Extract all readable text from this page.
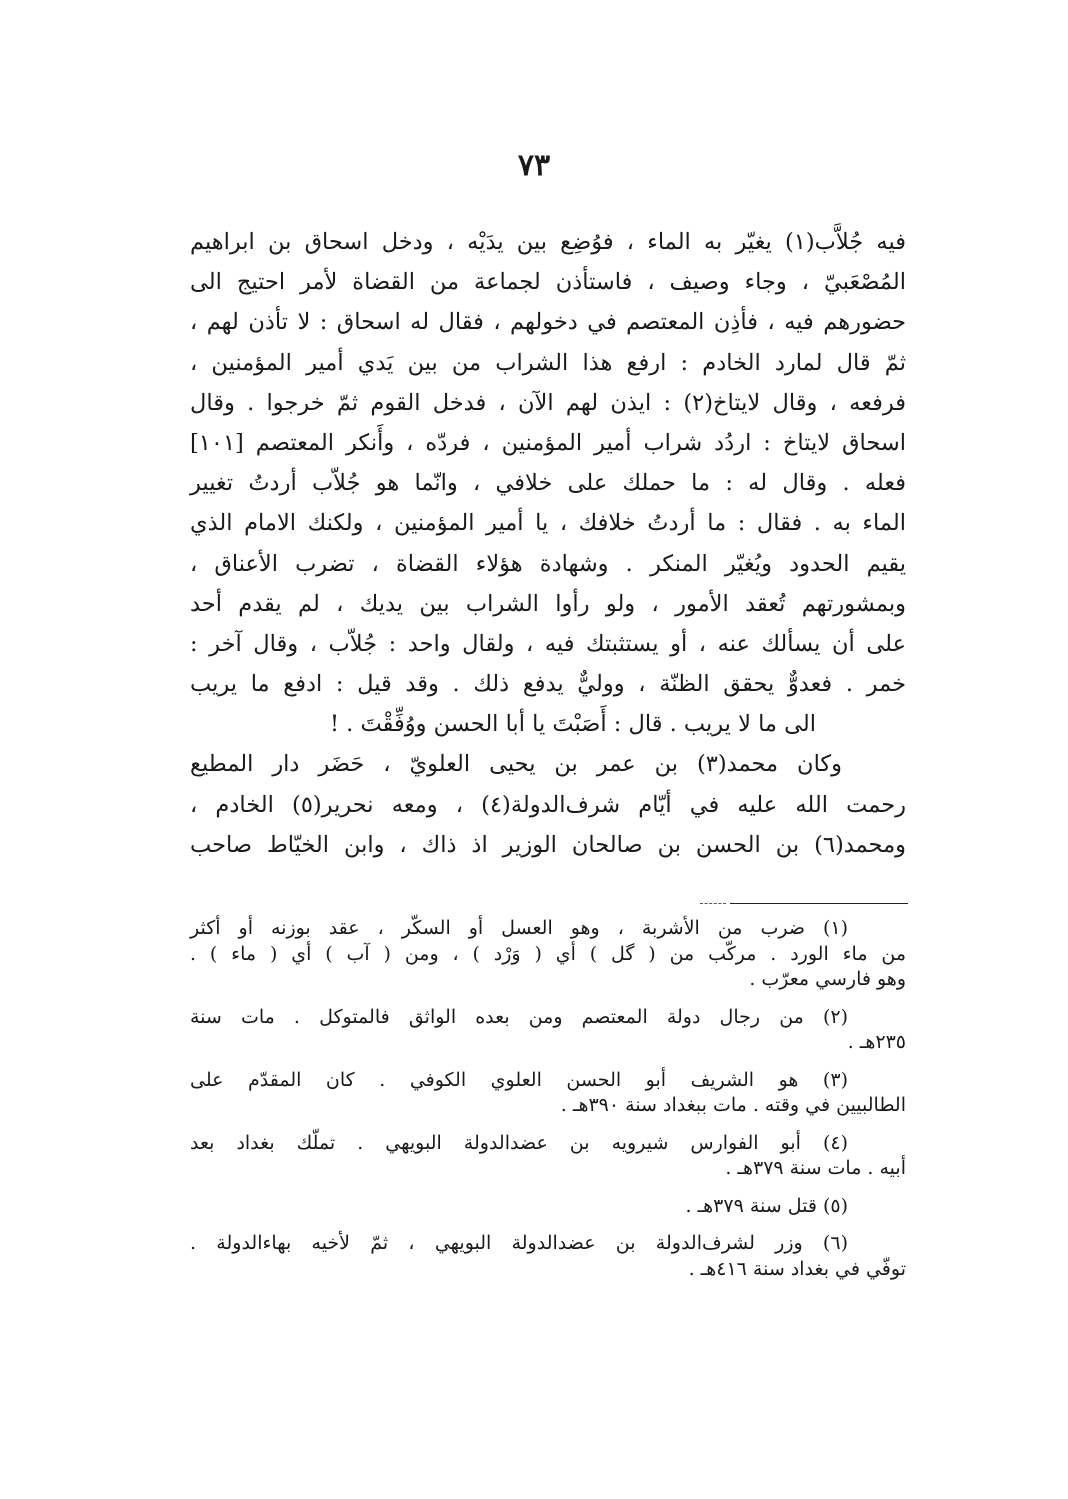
٧٣
فيه جُلاَّب(١) يغيّر به الماء ، فوُضِع بين يدَيْه ، ودخل اسحاق بن ابراهيم
المُصْعَبيّ ، وجاء وصيف ، فاستأذن لجماعة من القضاة لأمر احتيج الى
حضورهم فيه ، فأذِن المعتصم في دخولهم ، فقال له اسحاق : لا تأذن لهم ،
ثمّ قال لمارد الخادم : ارفع هذا الشراب من بين يَدي أمير المؤمنين ،
فرفعه ، وقال لايتاخ(٢) : ايذن لهم الآن ، فدخل القوم ثمّ خرجوا . وقال
اسحاق لايتاخ : اردُد شراب أمير المؤمنين ، فردّه ، وأَنكر المعتصم [١٠١]
فعله . وقال له : ما حملك على خلافي ، وانّما هو جُلاّب أردتُ تغيير
الماء به . فقال : ما أردتُ خلافك ، يا أمير المؤمنين ، ولكنك الامام الذي
يقيم الحدود ويُغيّر المنكر . وشهادة هؤلاء القضاة ، تضرب الأعناق ،
وبمشورتهم تُعقد الأمور ، ولو رأوا الشراب بين يديك ، لم يقدم أحد
على أن يسألك عنه ، أو يستثبتك فيه ، ولقال واحد : جُلاّب ، وقال آخر :
خمر . فعدوٌّ يحقق الظنّة ، ووليٌّ يدفع ذلك . وقد قيل : ادفع ما يريب
الى ما لا يريب . قال : أَصَبْتَ يا أبا الحسن ووُفِّقْتَ . !
وكان محمد(٣) بن عمر بن يحيى العلويّ ، حَضَر دار المطيع
رحمت الله عليه في أيّام شرف‌الدولة(٤) ، ومعه نحرير(٥) الخادم ،
ومحمد(٦) بن الحسن بن صالحان الوزير اذ ذاك ، وابن الخيّاط صاحب
(١) ضرب من الأشربة ، وهو العسل أو السكّر ، عقد بوزنه أو أكثر
من ماء الورد . مركّب من ( گل ) أي ( وَرْد ) ، ومن ( آب ) أي ( ماء ) .
وهو فارسي معرّب .
(٢) من رجال دولة المعتصم ومن بعده الواثق فالمتوكل . مات سنة
٢٣٥هـ .
(٣) هو الشريف أبو الحسن العلوي الكوفي . كان المقدّم على
الطالبيين في وقته . مات ببغداد سنة ٣٩٠هـ .
(٤) أبو الفوارس شيرويه بن عضدالدولة البويهي . تملّك بغداد بعد
أبيه . مات سنة ٣٧٩هـ .
(٥) قتل سنة ٣٧٩هـ .
(٦) وزر لشرف‌الدولة بن عضدالدولة البويهي ، ثمّ لأخيه بهاءالدولة .
توفّي في بغداد سنة ٤١٦هـ .
